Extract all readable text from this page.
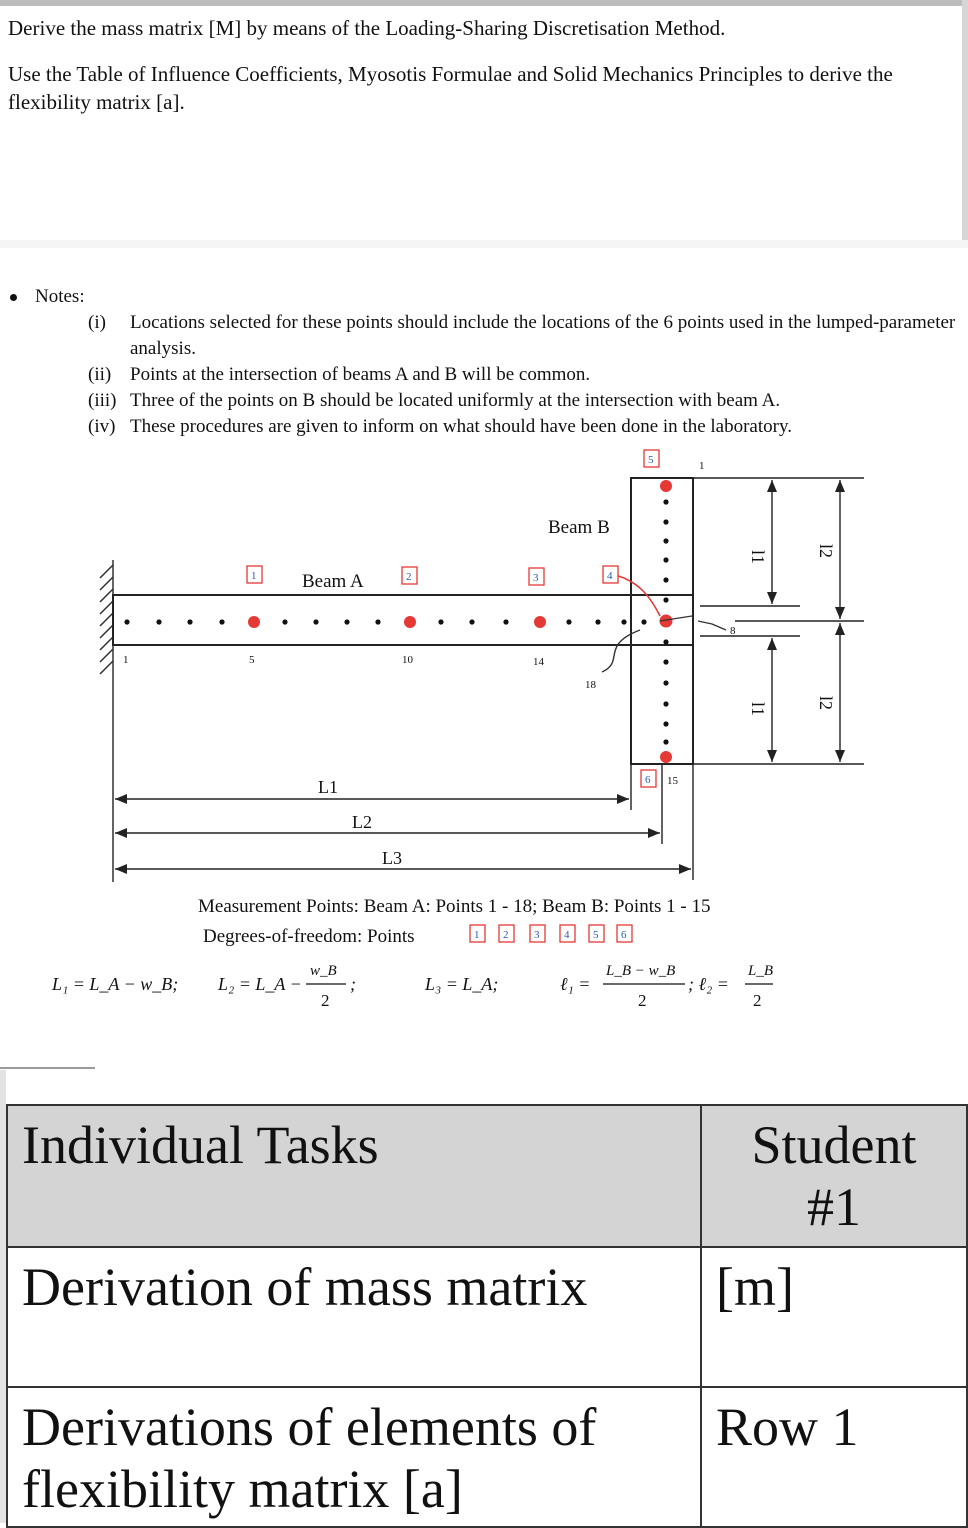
Derive the mass matrix [M] by means of the Loading-Sharing Discretisation Method.

Use the Table of Influence Coefficients, Myosotis Formulae and Solid Mechanics Principles to derive the flexibility matrix [a].

Notes:
(i)	Locations selected for these points should include the locations of the 6 points used in the lumped-parameter analysis.
(ii) Points at the intersection of beams A and B will be common.
(iii) Three of the points on B should be located uniformly at the intersection with beam A.
(iv) These procedures are given to inform on what should have been done in the laboratory.
Beam A
Beam B
1	2	3	4
5
6
1	5	10	14
18
1
8
15
l1	l2
l1	l2
L1
L2
L3
Measurement Points: Beam A: Points 1 - 18; Beam B: Points 1 - 15
Degrees-of-freedom: Points	1 2 3 4 5 6
L₁ = L_A − w_B; L₂ = L_A −
w_B
2
;	L₃ = L_A;	ℓ₁ =
L_B − w_B
2
; ℓ₂ =
L_B
2
Individual Tasks	Student
#1

Derivation of mass matrix	[m]
Derivations of elements of flexibility matrix [a]	Row 1
